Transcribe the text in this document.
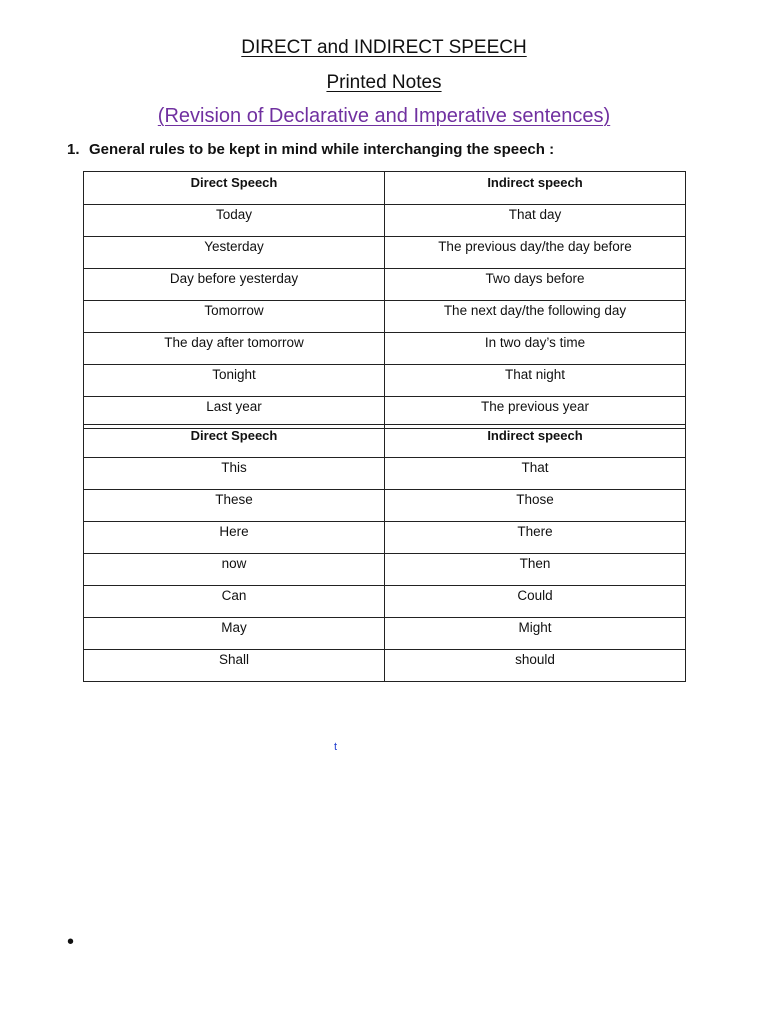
DIRECT and INDIRECT SPEECH
Printed Notes
(Revision of Declarative and Imperative sentences)
1. General rules to be kept in mind while interchanging the speech :
Direct Speech	Indirect speech
Today	That day
Yesterday	The previous day/the day before
Day before yesterday	Two days before
Tomorrow	The next day/the following day
The day after tomorrow	In two day’s time
Tonight	That night
Last year	The previous year
Direct Speech	Indirect speech
This	That
These	Those
Here	There
now	Then
Can	Could
May	Might
Shall	should
t
•
